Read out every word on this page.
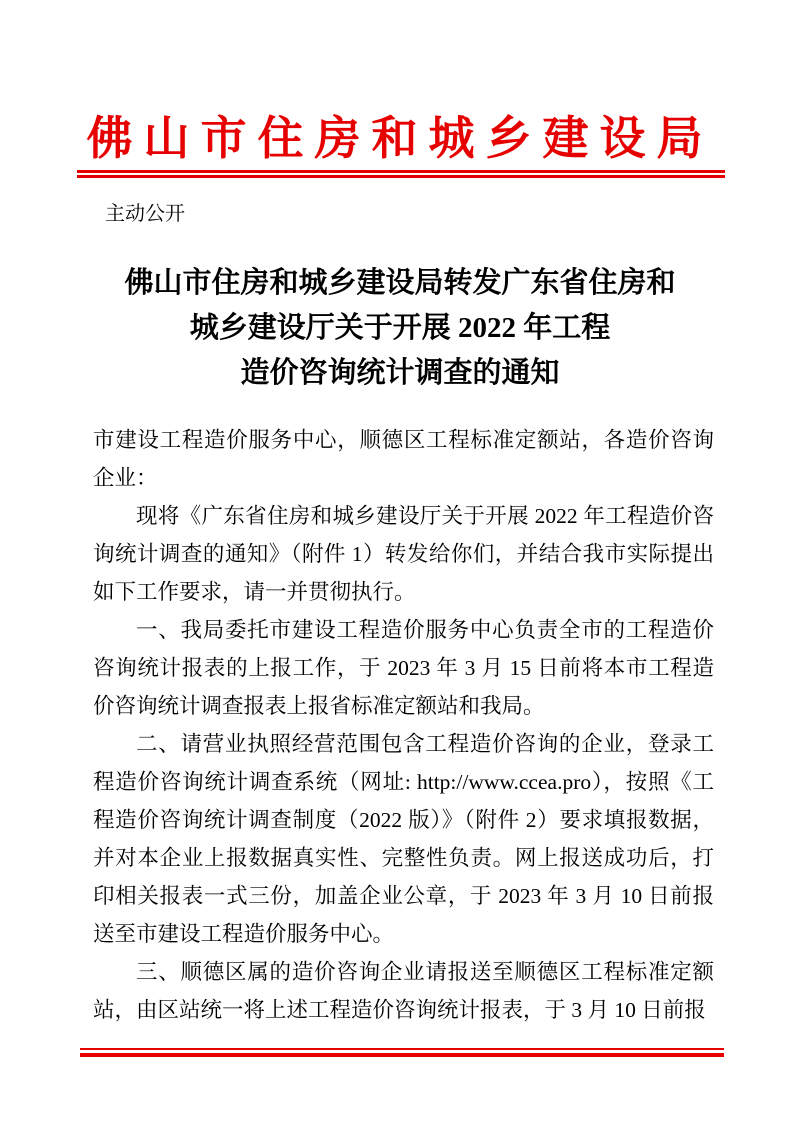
佛山市住房和城乡建设局
主动公开
佛山市住房和城乡建设局转发广东省住房和
城乡建设厅关于开展 2022 年工程
造价咨询统计调查的通知

市建设工程造价服务中心，顺德区工程标准定额站，各造价咨询企业：

现将《广东省住房和城乡建设厅关于开展 2022 年工程造价咨询统计调查的通知》（附件 1）转发给你们，并结合我市实际提出如下工作要求，请一并贯彻执行。

一、我局委托市建设工程造价服务中心负责全市的工程造价咨询统计报表的上报工作，于 2023 年 3 月 15 日前将本市工程造价咨询统计调查报表上报省标准定额站和我局。

二、请营业执照经营范围包含工程造价咨询的企业，登录工程造价咨询统计调查系统（网址: http://www.ccea.pro），按照《工程造价咨询统计调查制度（2022 版）》（附件 2）要求填报数据，并对本企业上报数据真实性、完整性负责。网上报送成功后，打印相关报表一式三份，加盖企业公章，于 2023 年 3 月 10 日前报送至市建设工程造价服务中心。

三、顺德区属的造价咨询企业请报送至顺德区工程标准定额站，由区站统一将上述工程造价咨询统计报表，于 3 月 10 日前报
